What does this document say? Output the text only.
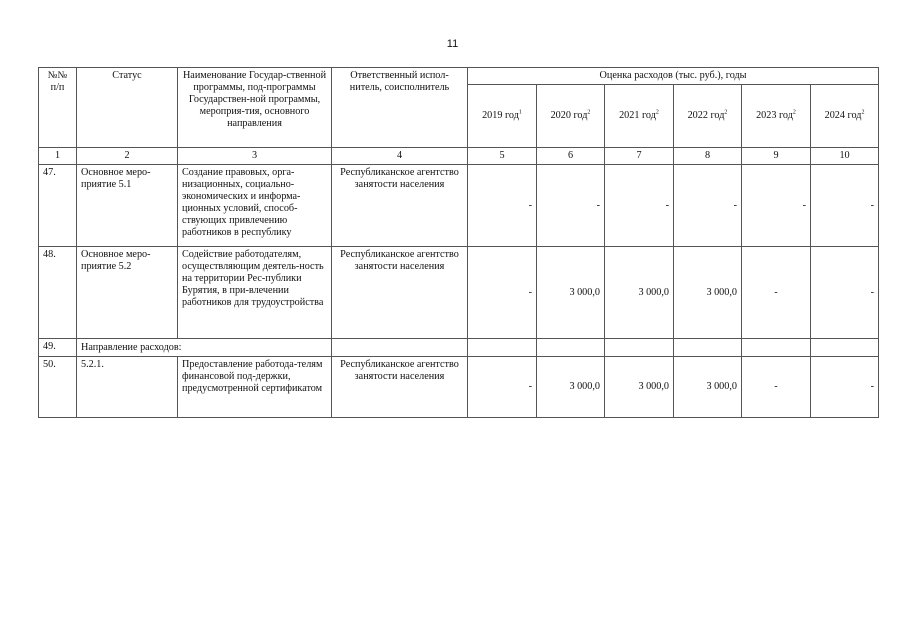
11
№№ п/п	Статус	Наименование Государ-ственной программы, под-программы Государствен-ной программы, мероприя-тия, основного направления	Ответственный испол-нитель, соисполнитель	Оценка расходов (тыс. руб.), годы					
				2019 год$^1$	2020 год$^2$	2021 год$^2$	2022 год$^2$	2023 год$^2$	2024 год$^2$
1	2	3	4	5	6	7	8	9	10
47.	Основное меро-приятие 5.1	Создание правовых, орга-низационных, социально-экономических и информа-ционных условий, способ-ствующих привлечению работников в республику	Республиканское агентство занятости населения	-	-	-	-	-	-
48.	Основное меро-приятие 5.2	Содействие работодателям, осуществляющим деятель-ность на территории Рес-публики Бурятия, в при-влечении работников для трудоустройства	Республиканское агентство занятости населения	-	3 000,0	3 000,0	3 000,0	-	-
49.	Направление расходов:								
50.	5.2.1.	Предоставление работода-телям финансовой под-держки, предусмотренной сертификатом	Республиканское агентство занятости населения	-	3 000,0	3 000,0	3 000,0	-	-
